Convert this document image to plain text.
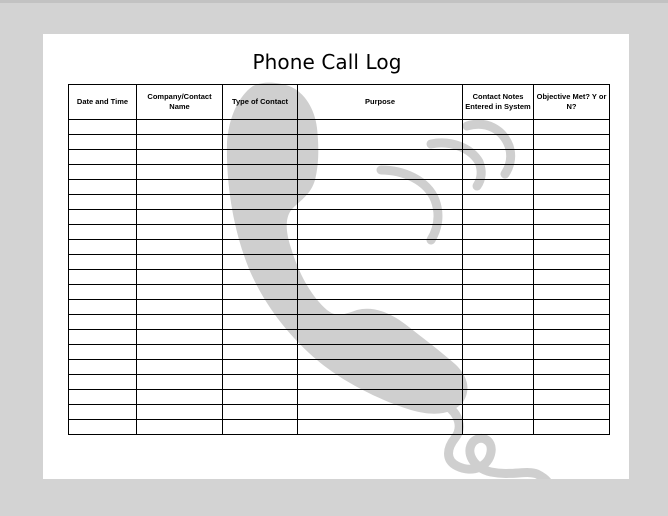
Phone Call Log
Date and Time	Company/Contact Name	Type of Contact	Purpose	Contact Notes Entered in System	Objective Met? Y or N?
